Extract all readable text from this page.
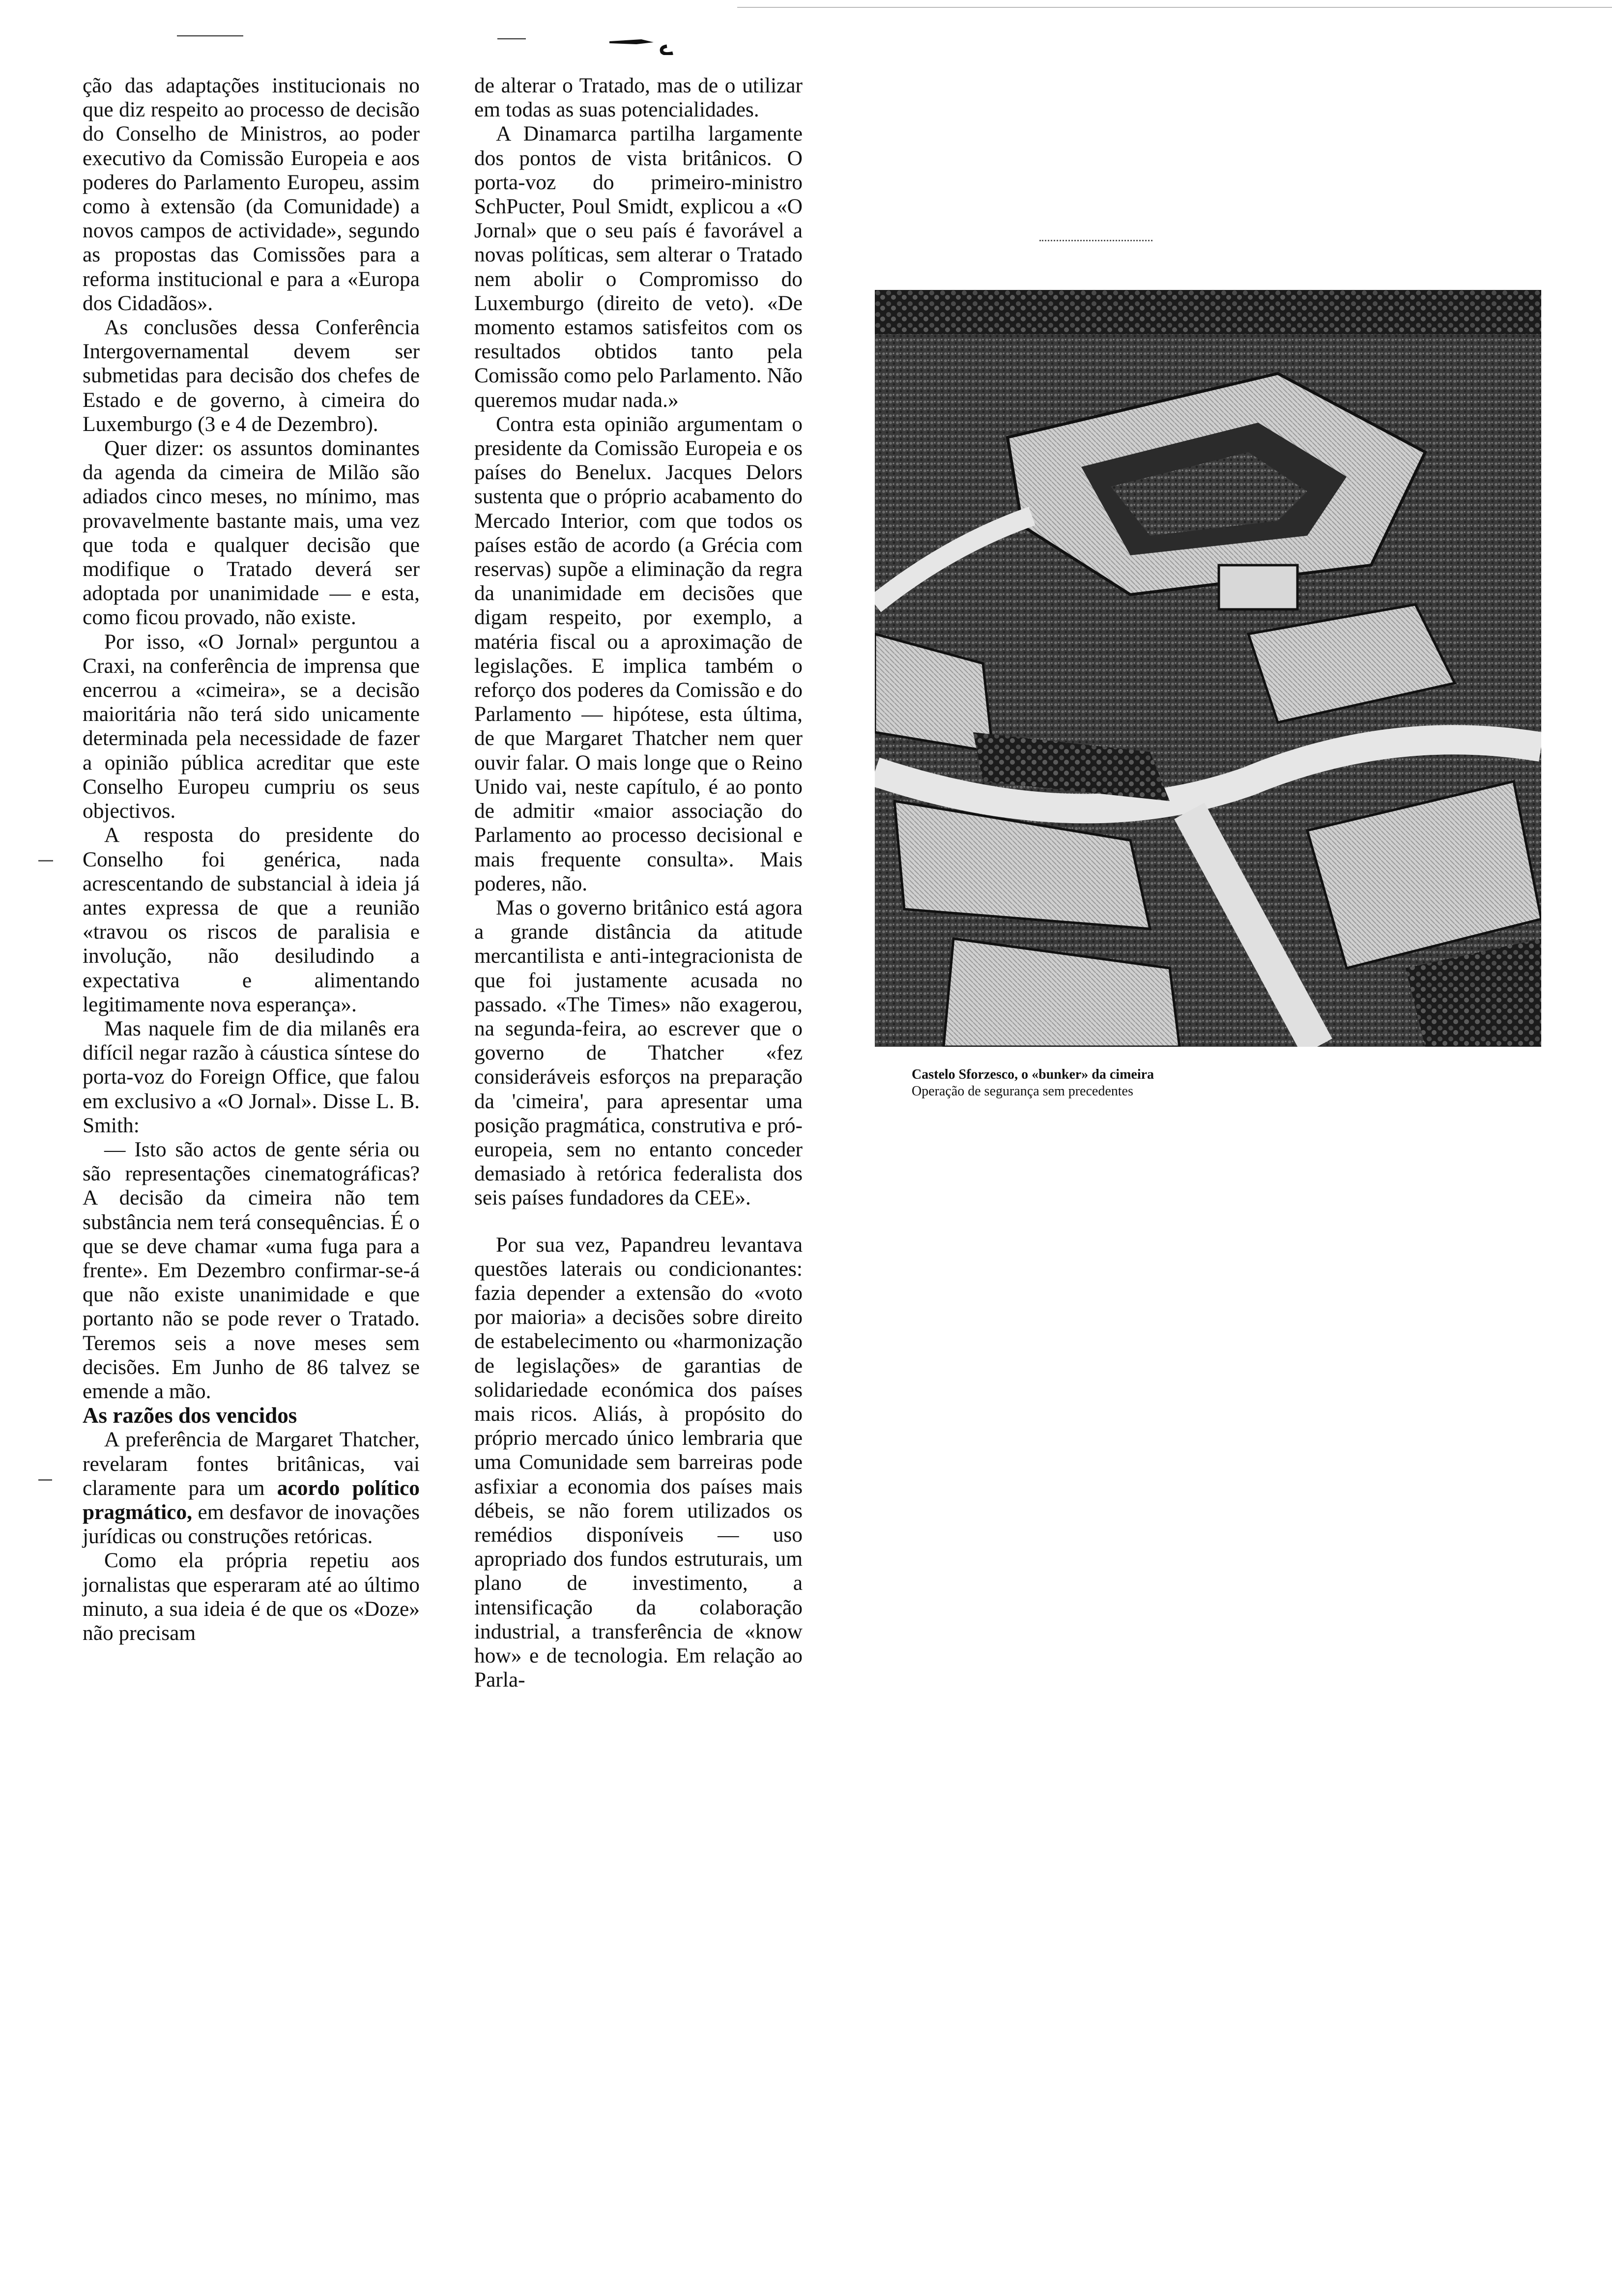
ção das adaptações institucionais no que diz respeito ao processo de decisão do Conselho de Ministros, ao poder executivo da Comissão Europeia e aos poderes do Parlamento Europeu, assim como à extensão (da Comunidade) a novos campos de actividade», segundo as propostas das Comissões para a reforma institucional e para a «Europa dos Cidadãos».

As conclusões dessa Conferência Intergovernamental devem ser submetidas para decisão dos chefes de Estado e de governo, à cimeira do Luxemburgo (3 e 4 de Dezembro).

Quer dizer: os assuntos dominantes da agenda da cimeira de Milão são adiados cinco meses, no mínimo, mas provavelmente bastante mais, uma vez que toda e qualquer decisão que modifique o Tratado deverá ser adoptada por unanimidade — e esta, como ficou provado, não existe.

Por isso, «O Jornal» perguntou a Craxi, na conferência de imprensa que encerrou a «cimeira», se a decisão maioritária não terá sido unicamente determinada pela necessidade de fazer a opinião pública acreditar que este Conselho Europeu cumpriu os seus objectivos.

A resposta do presidente do Conselho foi genérica, nada acrescentando de substancial à ideia já antes expressa de que a reunião «travou os riscos de paralisia e involução, não desiludindo a expectativa e alimentando legitimamente nova esperança».

Mas naquele fim de dia milanês era difícil negar razão à cáustica síntese do porta-voz do Foreign Office, que falou em exclusivo a «O Jornal». Disse L. B. Smith:

— Isto são actos de gente séria ou são representações cinematográficas? A decisão da cimeira não tem substância nem terá consequências. É o que se deve chamar «uma fuga para a frente». Em Dezembro confirmar-se-á que não existe unanimidade e que portanto não se pode rever o Tratado. Teremos seis a nove meses sem decisões. Em Junho de 86 talvez se emende a mão.

As razões dos vencidos

A preferência de Margaret Thatcher, revelaram fontes britânicas, vai claramente para um acordo político pragmático, em desfavor de inovações jurídicas ou construções retóricas.

Como ela própria repetiu aos jornalistas que esperaram até ao último minuto, a sua ideia é de que os «Doze» não precisam

de alterar o Tratado, mas de o utilizar em todas as suas potencialidades.

A Dinamarca partilha largamente dos pontos de vista britânicos. O porta-voz do primeiro-ministro SchPucter, Poul Smidt, explicou a «O Jornal» que o seu país é favorável a novas políticas, sem alterar o Tratado nem abolir o Compromisso do Luxemburgo (direito de veto). «De momento estamos satisfeitos com os resultados obtidos tanto pela Comissão como pelo Parlamento. Não queremos mudar nada.»

Contra esta opinião argumentam o presidente da Comissão Europeia e os países do Benelux. Jacques Delors sustenta que o próprio acabamento do Mercado Interior, com que todos os países estão de acordo (a Grécia com reservas) supõe a eliminação da regra da unanimidade em decisões que digam respeito, por exemplo, a matéria fiscal ou a aproximação de legislações. E implica também o reforço dos poderes da Comissão e do Parlamento — hipótese, esta última, de que Margaret Thatcher nem quer ouvir falar. O mais longe que o Reino Unido vai, neste capítulo, é ao ponto de admitir «maior associação do Parlamento ao processo decisional e mais frequente consulta». Mais poderes, não.

Mas o governo britânico está agora a grande distância da atitude mercantilista e anti-integracionista de que foi justamente acusada no passado. «The Times» não exagerou, na segunda-feira, ao escrever que o governo de Thatcher «fez consideráveis esforços na preparação da 'cimeira', para apresentar uma posição pragmática, construtiva e pró-europeia, sem no entanto conceder demasiado à retórica federalista dos seis países fundadores da CEE».

Por sua vez, Papandreu levantava questões laterais ou condicionantes: fazia depender a extensão do «voto por maioria» a decisões sobre direito de estabelecimento ou «harmonização de legislações» de garantias de solidariedade económica dos países mais ricos. Aliás, à propósito do próprio mercado único lembraria que uma Comunidade sem barreiras pode asfixiar a economia dos países mais débeis, se não forem utilizados os remédios disponíveis — uso apropriado dos fundos estruturais, um plano de investimento, a intensificação da colaboração industrial, a transferência de «know how» e de tecnologia. Em relação ao Parla-

Castelo Sforzesco, o «bunker» da cimeira
Operação de segurança sem precedentes
